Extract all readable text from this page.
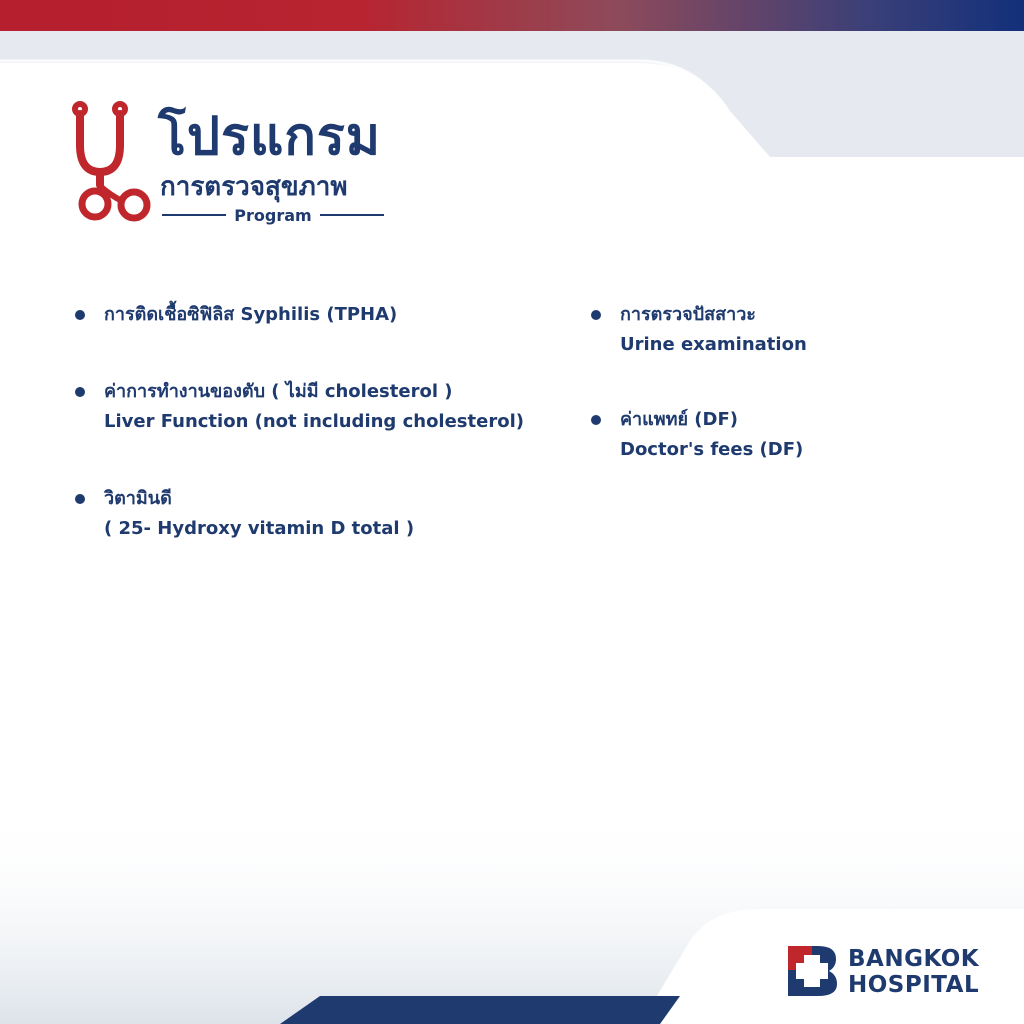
โปรแกรม
การตรวจสุขภาพ
Program
การติดเชื้อซิฟิลิส Syphilis (TPHA)
ค่าการทำงานของตับ ( ไม่มี cholesterol )
Liver Function (not including cholesterol)
วิตามินดี
( 25- Hydroxy vitamin D total )
การตรวจปัสสาวะ
Urine examination
ค่าแพทย์ (DF)
Doctor's fees (DF)
BANGKOK
HOSPITAL
